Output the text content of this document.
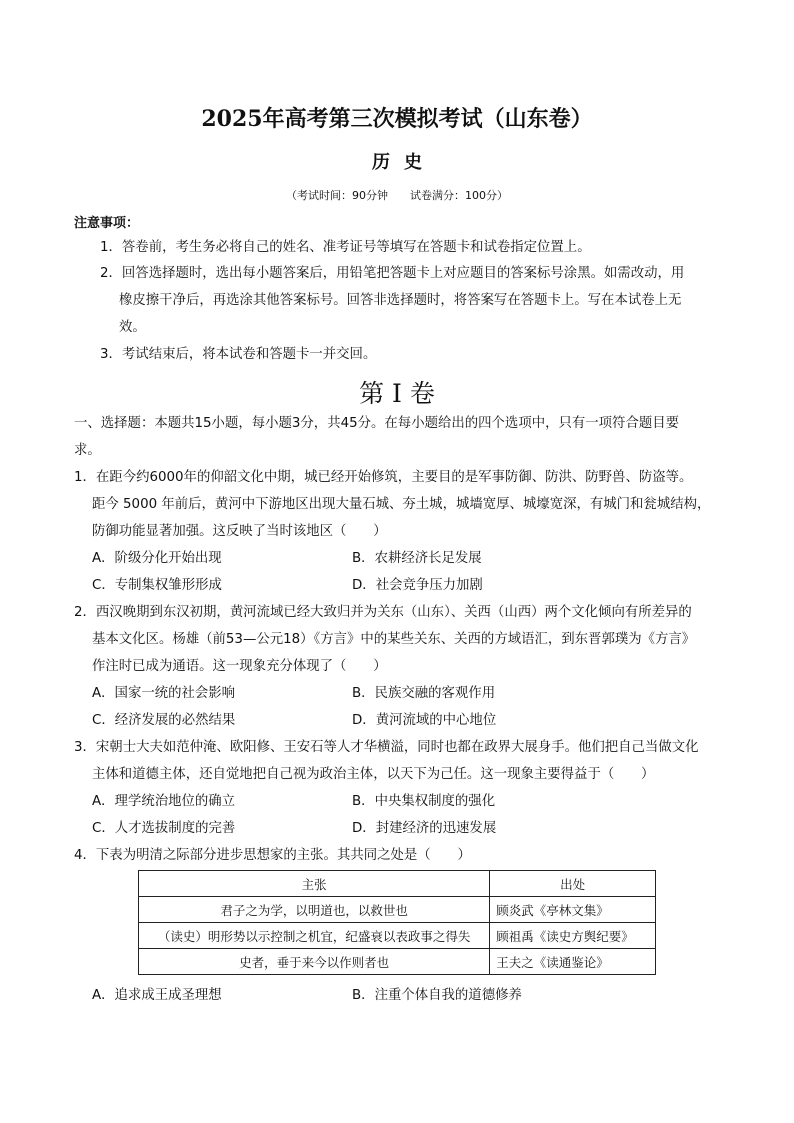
2025年高考第三次模拟考试（山东卷）
历史
（考试时间：90分钟　　试卷满分：100分）
注意事项：
1．答卷前，考生务必将自己的姓名、准考证号等填写在答题卡和试卷指定位置上。
2．回答选择题时，选出每小题答案后，用铅笔把答题卡上对应题目的答案标号涂黑。如需改动，用
橡皮擦干净后，再选涂其他答案标号。回答非选择题时，将答案写在答题卡上。写在本试卷上无
效。
3．考试结束后，将本试卷和答题卡一并交回。
第 I 卷
一、选择题：本题共15小题，每小题3分，共45分。在每小题给出的四个选项中，只有一项符合题目要
求。
1．在距今约6000年的仰韶文化中期，城已经开始修筑，主要目的是军事防御、防洪、防野兽、防盗等。
距今 5000 年前后，黄河中下游地区出现大量石城、夯土城，城墙宽厚、城壕宽深，有城门和瓮城结构，
防御功能显著加强。这反映了当时该地区（　　）
A．阶级分化开始出现	B．农耕经济长足发展
C．专制集权雏形形成	D．社会竞争压力加剧
2．西汉晚期到东汉初期，黄河流域已经大致归并为关东（山东）、关西（山西）两个文化倾向有所差异的
基本文化区。杨雄（前53—公元18）《方言》中的某些关东、关西的方域语汇，到东晋郭璞为《方言》
作注时已成为通语。这一现象充分体现了（　　）
A．国家一统的社会影响	B．民族交融的客观作用
C．经济发展的必然结果	D．黄河流域的中心地位
3．宋朝士大夫如范仲淹、欧阳修、王安石等人才华横溢，同时也都在政界大展身手。他们把自己当做文化
主体和道德主体，还自觉地把自己视为政治主体，以天下为己任。这一现象主要得益于（　　）
A．理学统治地位的确立	B．中央集权制度的强化
C．人才选拔制度的完善	D．封建经济的迅速发展
4．下表为明清之际部分进步思想家的主张。其共同之处是（　　）
主张	出处
君子之为学，以明道也，以救世也	顾炎武《亭林文集》
（读史）明形势以示控制之机宜，纪盛衰以表政事之得失	顾祖禹《读史方舆纪要》
史者，垂于来今以作则者也	王夫之《读通鉴论》
A．追求成王成圣理想	B．注重个体自我的道德修养
